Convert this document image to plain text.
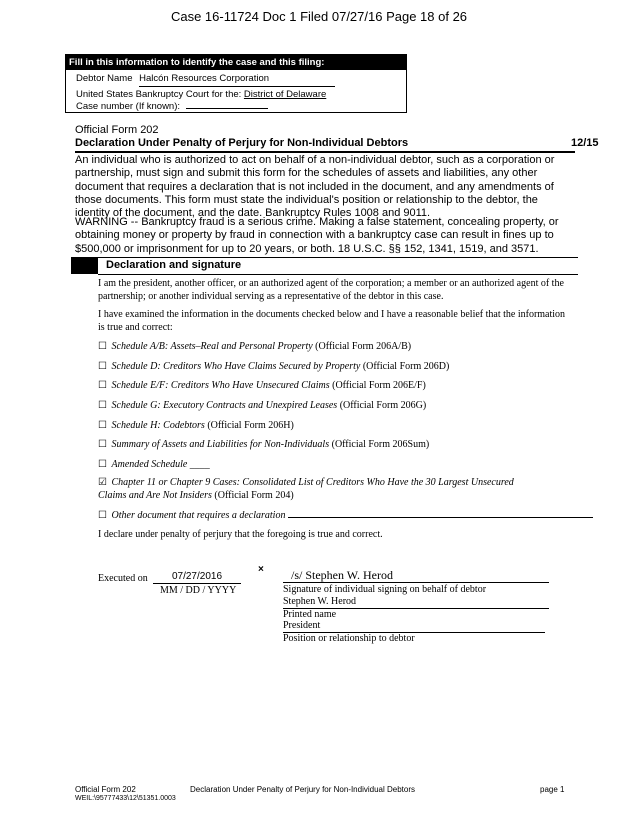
Case 16-11724 Doc 1 Filed 07/27/16 Page 18 of 26
Fill in this information to identify the case and this filing:
Debtor Name Halcón Resources Corporation
United States Bankruptcy Court for the: District of Delaware
Case number (If known):
Official Form 202
Declaration Under Penalty of Perjury for Non-Individual Debtors	12/15
An individual who is authorized to act on behalf of a non-individual debtor, such as a corporation or partnership, must sign and submit this form for the schedules of assets and liabilities, any other document that requires a declaration that is not included in the document, and any amendments of those documents. This form must state the individual's position or relationship to the debtor, the identity of the document, and the date. Bankruptcy Rules 1008 and 9011.
WARNING -- Bankruptcy fraud is a serious crime. Making a false statement, concealing property, or obtaining money or property by fraud in connection with a bankruptcy case can result in fines up to $500,000 or imprisonment for up to 20 years, or both. 18 U.S.C. §§ 152, 1341, 1519, and 3571.
Declaration and signature
I am the president, another officer, or an authorized agent of the corporation; a member or an authorized agent of the partnership; or another individual serving as a representative of the debtor in this case.
I have examined the information in the documents checked below and I have a reasonable belief that the information is true and correct:
☐ Schedule A/B: Assets–Real and Personal Property (Official Form 206A/B)
☐ Schedule D: Creditors Who Have Claims Secured by Property (Official Form 206D)
☐ Schedule E/F: Creditors Who Have Unsecured Claims (Official Form 206E/F)
☐ Schedule G: Executory Contracts and Unexpired Leases (Official Form 206G)
☐ Schedule H: Codebtors (Official Form 206H)
☐ Summary of Assets and Liabilities for Non-Individuals (Official Form 206Sum)
☐ Amended Schedule ____
☑ Chapter 11 or Chapter 9 Cases: Consolidated List of Creditors Who Have the 30 Largest Unsecured
Claims and Are Not Insiders (Official Form 204)
☐ Other document that requires a declaration
I declare under penalty of perjury that the foregoing is true and correct.
Executed on	07/27/2016
MM / DD / YYYY
×	/s/ Stephen W. Herod
Signature of individual signing on behalf of debtor
Stephen W. Herod
Printed name
President
Position or relationship to debtor
Official Form 202
WEIL:\95777433\12\51351.0003
Declaration Under Penalty of Perjury for Non-Individual Debtors	page 1
